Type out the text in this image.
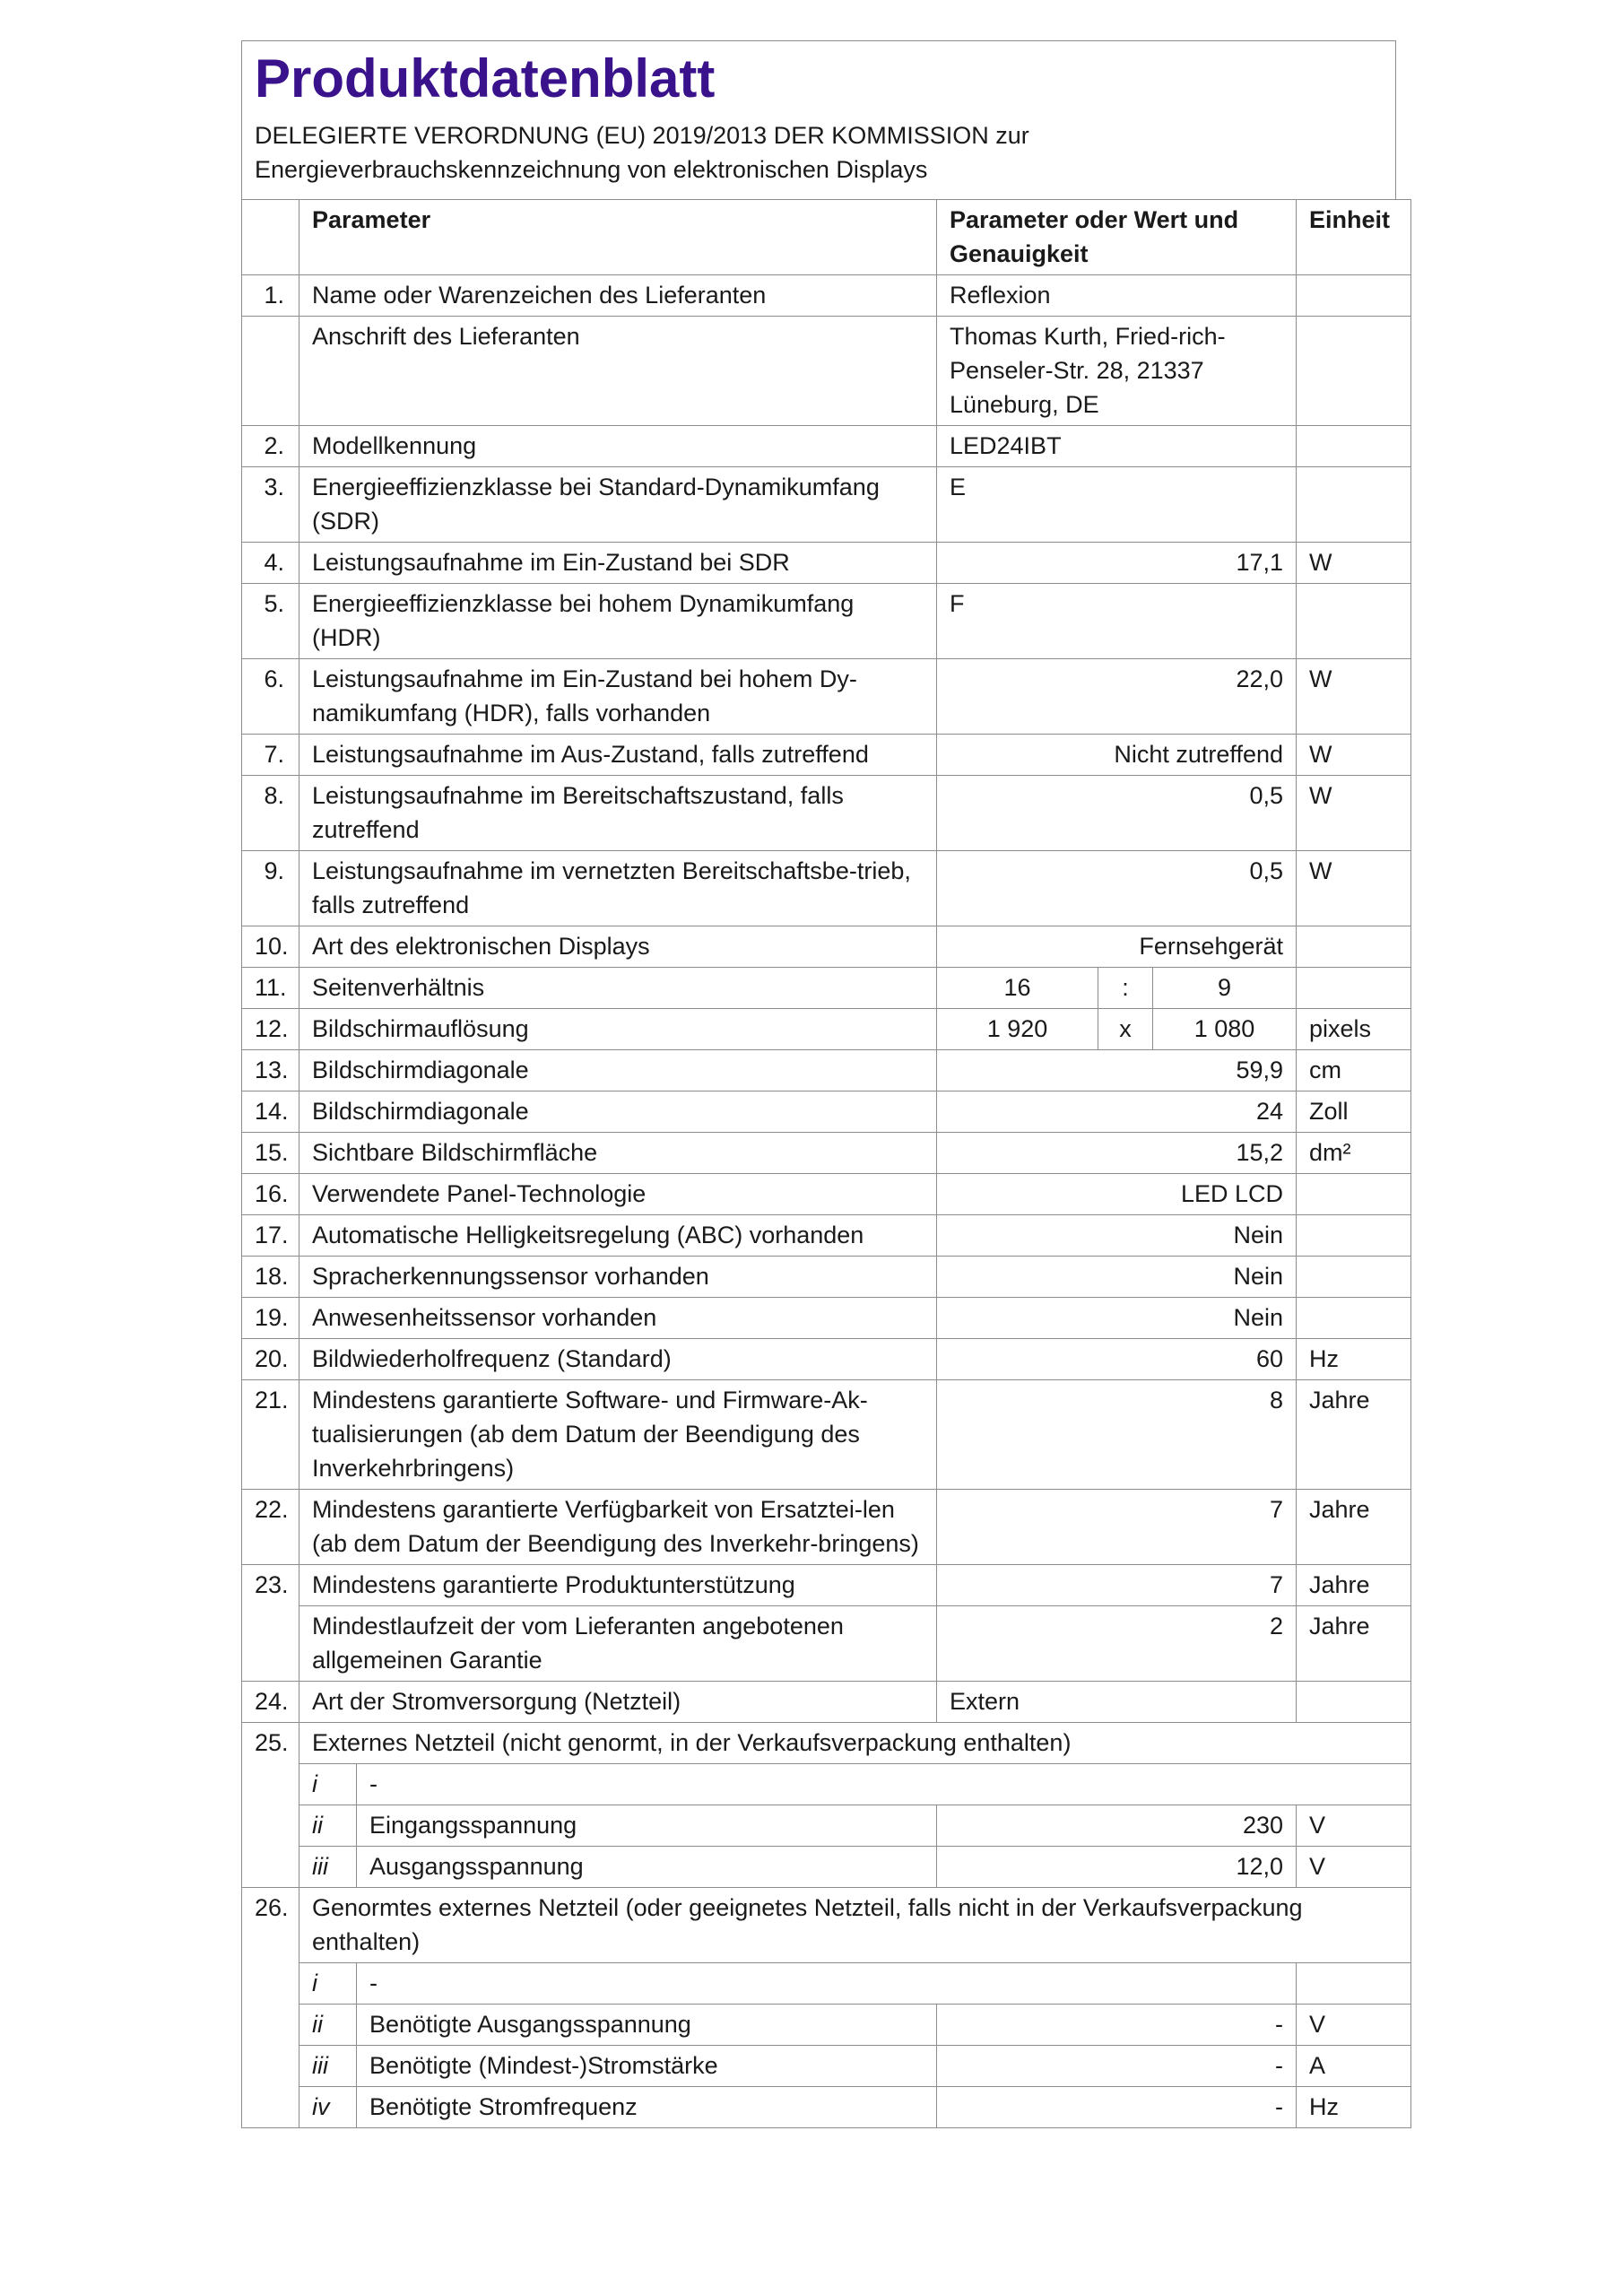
Produktdatenblatt
DELEGIERTE VERORDNUNG (EU) 2019/2013 DER KOMMISSION zur
Energieverbrauchskennzeichnung von elektronischen Displays
	Parameter		Parameter oder Wert und Genauigkeit			Einheit
1.	Name oder Warenzeichen des Lieferanten		Reflexion			
	Anschrift des Lieferanten		Thomas Kurth, Fried-rich-Penseler-Str. 28, 21337 Lüneburg, DE			
2.	Modellkennung		LED24IBT			
3.	Energieeffizienzklasse bei Standard-Dynamikumfang (SDR)		E			
4.	Leistungsaufnahme im Ein-Zustand bei SDR		17,1			W
5.	Energieeffizienzklasse bei hohem Dynamikumfang (HDR)		F			
6.	Leistungsaufnahme im Ein-Zustand bei hohem Dy-namikumfang (HDR), falls vorhanden		22,0			W
7.	Leistungsaufnahme im Aus-Zustand, falls zutreffend		Nicht zutreffend			W
8.	Leistungsaufnahme im Bereitschaftszustand, falls zutreffend		0,5			W
9.	Leistungsaufnahme im vernetzten Bereitschaftsbe-trieb, falls zutreffend		0,5			W
10.	Art des elektronischen Displays		Fernsehgerät			
11.	Seitenverhältnis		16	:	9	
12.	Bildschirmauflösung		1 920	x	1 080	pixels
13.	Bildschirmdiagonale		59,9			cm
14.	Bildschirmdiagonale		24			Zoll
15.	Sichtbare Bildschirmfläche		15,2			dm²
16.	Verwendete Panel-Technologie		LED LCD			
17.	Automatische Helligkeitsregelung (ABC) vorhanden		Nein			
18.	Spracherkennungssensor vorhanden		Nein			
19.	Anwesenheitssensor vorhanden		Nein			
20.	Bildwiederholfrequenz (Standard)		60			Hz
21.	Mindestens garantierte Software- und Firmware-Ak-tualisierungen (ab dem Datum der Beendigung des Inverkehrbringens)		8			Jahre
22.	Mindestens garantierte Verfügbarkeit von Ersatztei-len (ab dem Datum der Beendigung des Inverkehr-bringens)		7			Jahre
23.	Mindestens garantierte Produktunterstützung		7			Jahre
	Mindestlaufzeit der vom Lieferanten angebotenen allgemeinen Garantie		2			Jahre
24.	Art der Stromversorgung (Netzteil)		Extern			
25.	Externes Netzteil (nicht genormt, in der Verkaufsverpackung enthalten)					
	i	-				
	ii	Eingangsspannung	230			V
	iii	Ausgangsspannung	12,0			V
26.	Genormtes externes Netzteil (oder geeignetes Netzteil, falls nicht in der Verkaufsverpackung enthalten)					
	i	-				
	ii	Benötigte Ausgangsspannung	-			V
	iii	Benötigte (Mindest-)Stromstärke	-			A
	iv	Benötigte Stromfrequenz	-			Hz
